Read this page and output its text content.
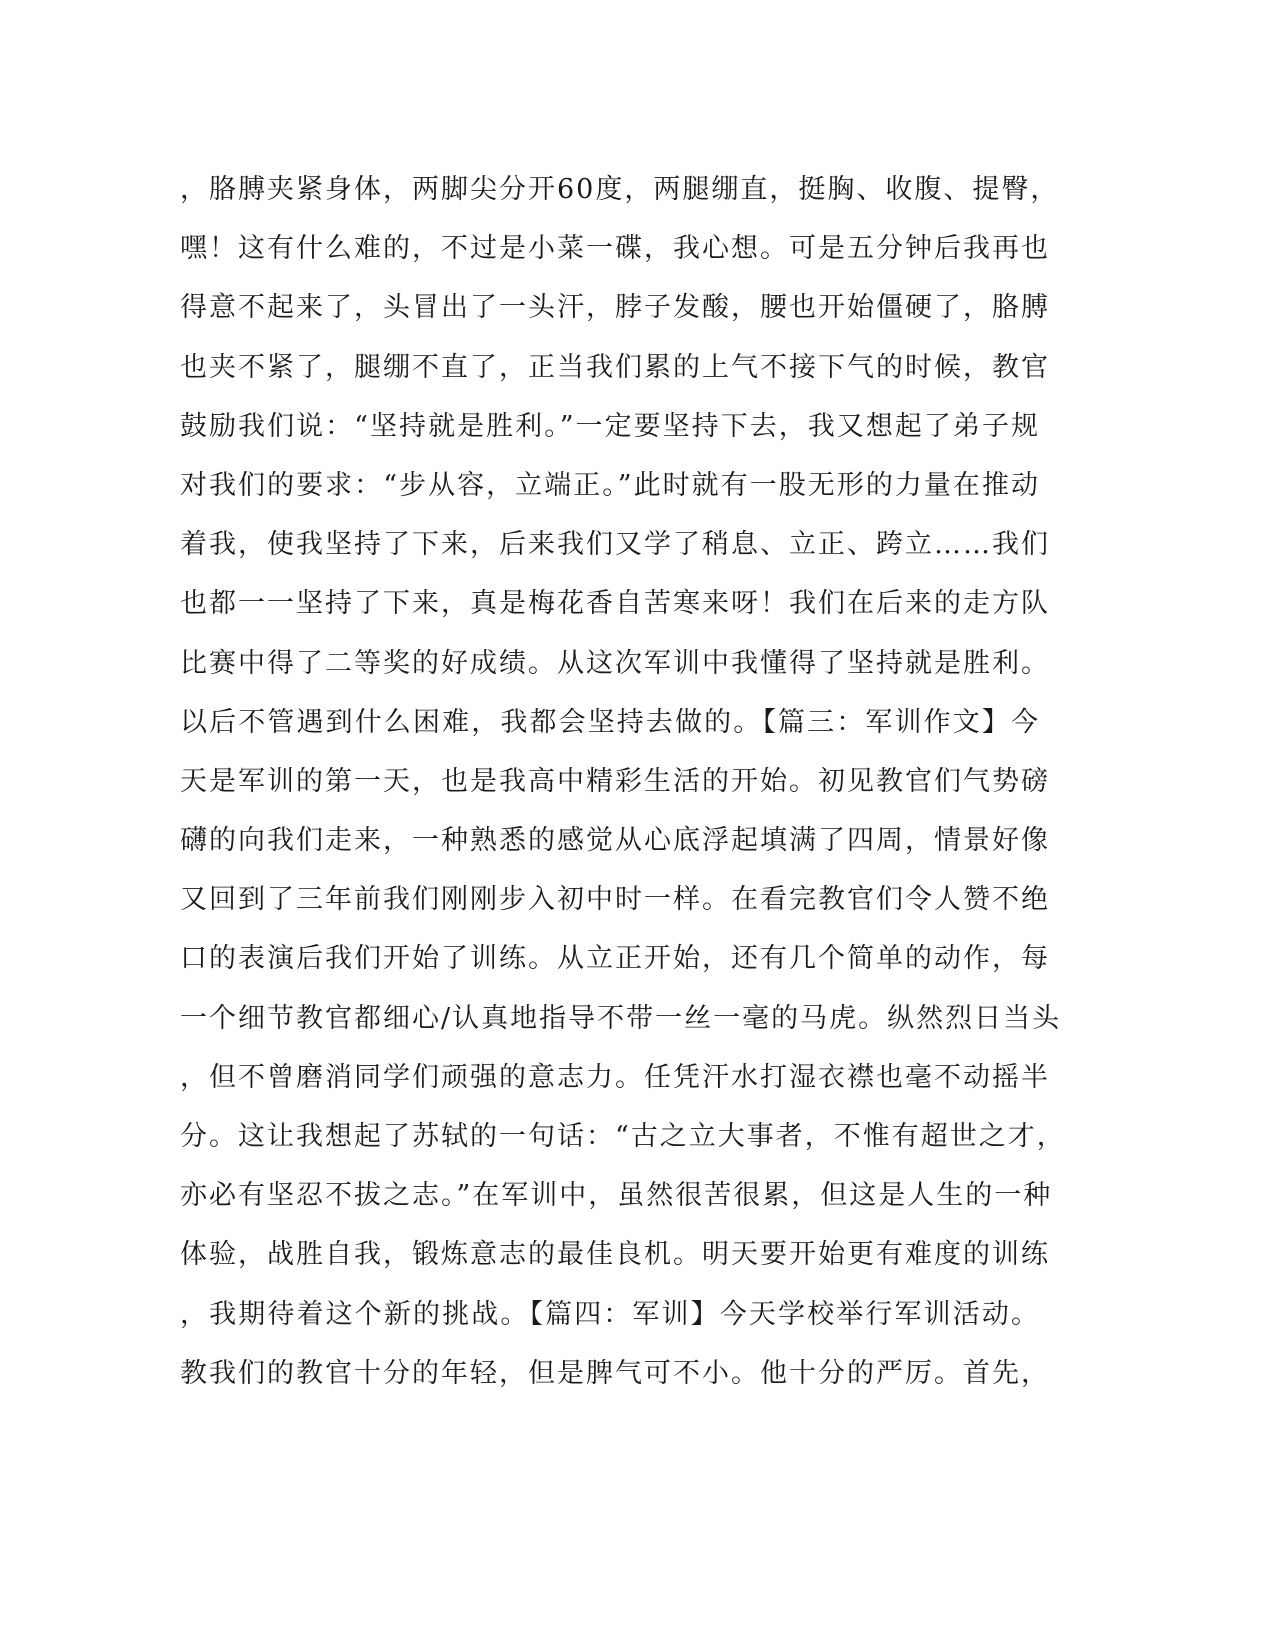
，胳膊夹紧身体，两脚尖分开60度，两腿绷直，挺胸、收腹、提臀，
嘿！这有什么难的，不过是小菜一碟，我心想。可是五分钟后我再也
得意不起来了，头冒出了一头汗，脖子发酸，腰也开始僵硬了，胳膊
也夹不紧了，腿绷不直了，正当我们累的上气不接下气的时候，教官
鼓励我们说：“坚持就是胜利。”一定要坚持下去，我又想起了弟子规
对我们的要求：“步从容，立端正。”此时就有一股无形的力量在推动
着我，使我坚持了下来，后来我们又学了稍息、立正、跨立……我们
也都一一坚持了下来，真是梅花香自苦寒来呀！我们在后来的走方队
比赛中得了二等奖的好成绩。从这次军训中我懂得了坚持就是胜利。
以后不管遇到什么困难，我都会坚持去做的。【篇三：军训作文】今
天是军训的第一天，也是我高中精彩生活的开始。初见教官们气势磅
礴的向我们走来，一种熟悉的感觉从心底浮起填满了四周，情景好像
又回到了三年前我们刚刚步入初中时一样。在看完教官们令人赞不绝
口的表演后我们开始了训练。从立正开始，还有几个简单的动作，每
一个细节教官都细心/认真地指导不带一丝一毫的马虎。纵然烈日当头
，但不曾磨消同学们顽强的意志力。任凭汗水打湿衣襟也毫不动摇半
分。这让我想起了苏轼的一句话：“古之立大事者，不惟有超世之才，
亦必有坚忍不拔之志。”在军训中，虽然很苦很累，但这是人生的一种
体验，战胜自我，锻炼意志的最佳良机。明天要开始更有难度的训练
，我期待着这个新的挑战。【篇四：军训】今天学校举行军训活动。
教我们的教官十分的年轻，但是脾气可不小。他十分的严厉。首先，
